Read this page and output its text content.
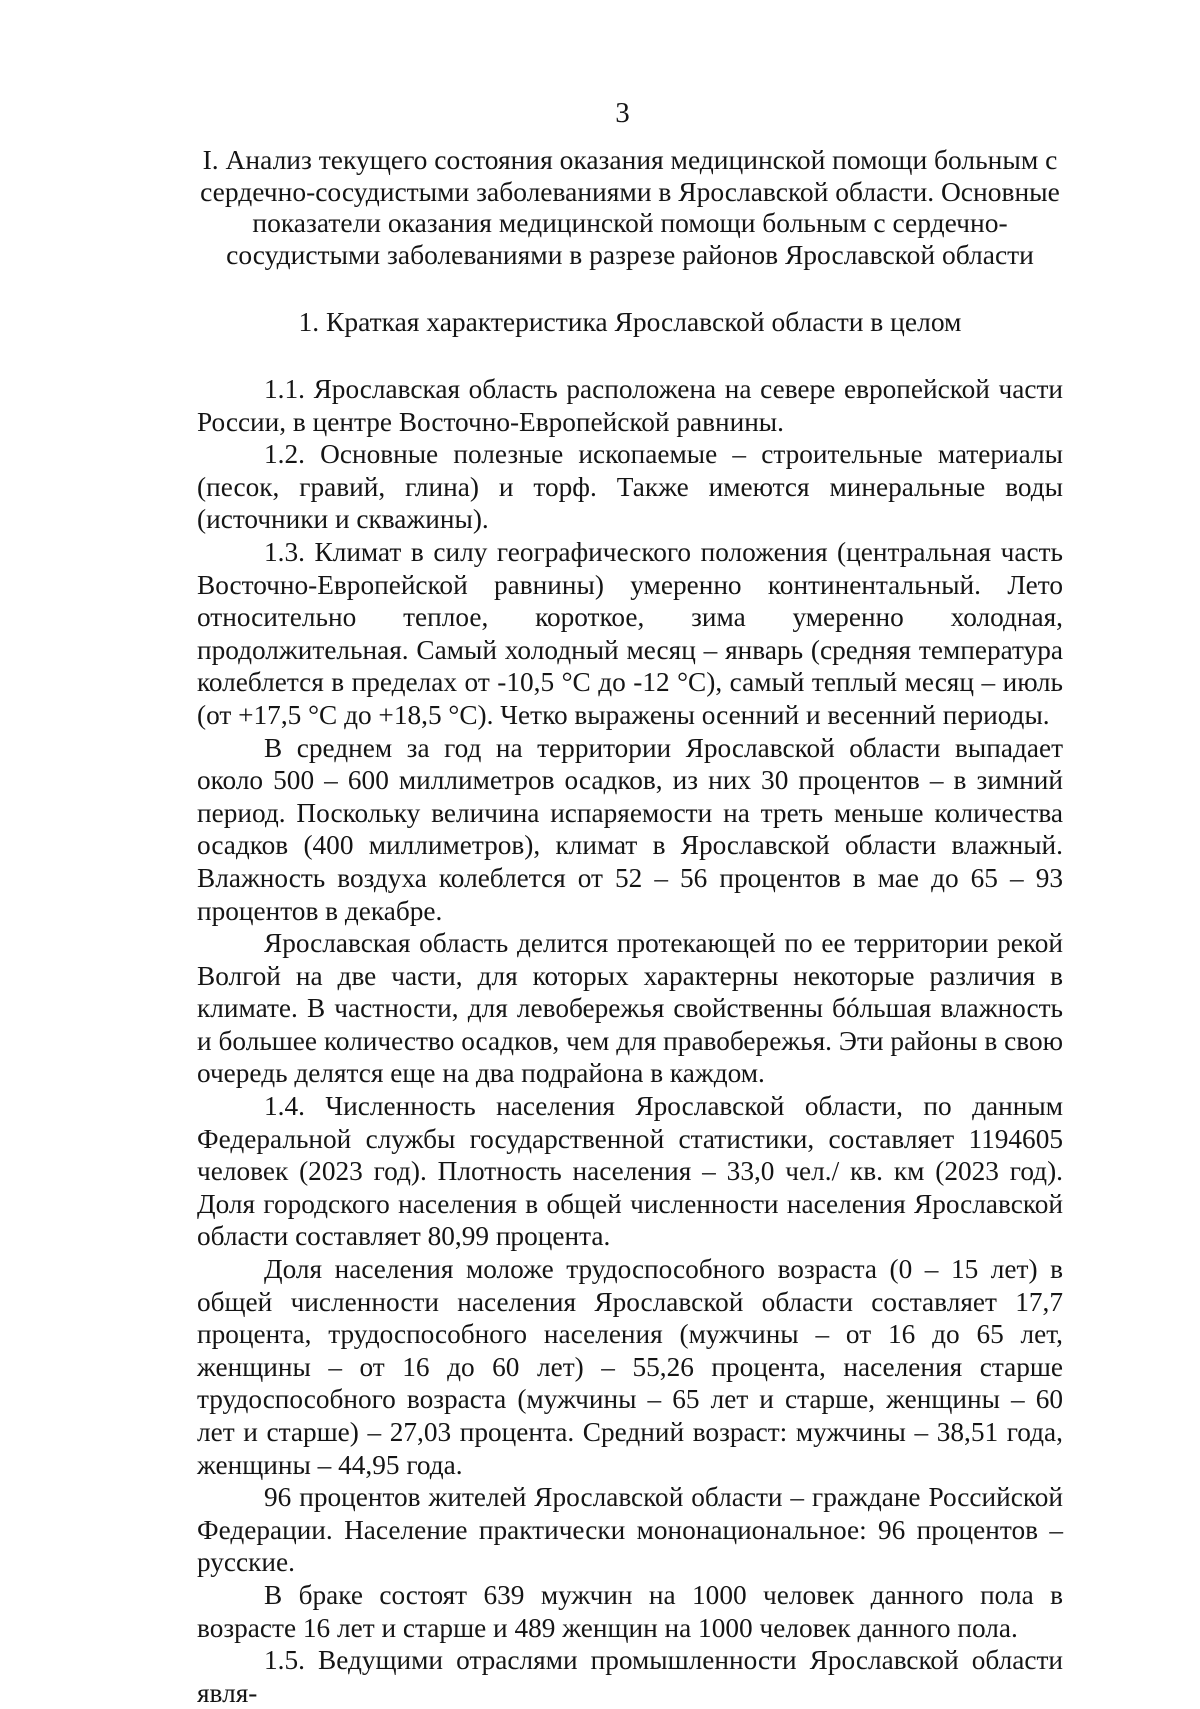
3
I. Анализ текущего состояния оказания медицинской помощи больным с сердечно-сосудистыми заболеваниями в Ярославской области. Основные показатели оказания медицинской помощи больным с сердечно-сосудистыми заболеваниями в разрезе районов Ярославской области
1. Краткая характеристика Ярославской области в целом

1.1. Ярославская область расположена на севере европейской части России, в центре Восточно-Европейской равнины.

1.2. Основные полезные ископаемые – строительные материалы (песок, гравий, глина) и торф. Также имеются минеральные воды (источники и скважины).

1.3. Климат в силу географического положения (центральная часть Восточно-Европейской равнины) умеренно континентальный. Лето относительно теплое, короткое, зима умеренно холодная, продолжительная. Самый холодный месяц – январь (средняя температура колеблется в пределах от -10,5 °С до -12 °С), самый теплый месяц – июль (от +17,5 °С до +18,5 °С). Четко выражены осенний и весенний периоды.

В среднем за год на территории Ярославской области выпадает около 500 – 600 миллиметров осадков, из них 30 процентов – в зимний период. Поскольку величина испаряемости на треть меньше количества осадков (400 миллиметров), климат в Ярославской области влажный. Влажность воздуха колеблется от 52 – 56 процентов в мае до 65 – 93 процентов в декабре.

Ярославская область делится протекающей по ее территории рекой Волгой на две части, для которых характерны некоторые различия в климате. В частности, для левобережья свойственны бóльшая влажность и большее количество осадков, чем для правобережья. Эти районы в свою очередь делятся еще на два подрайона в каждом.

1.4. Численность населения Ярославской области, по данным Федеральной службы государственной статистики, составляет 1194605 человек (2023 год). Плотность населения – 33,0 чел./ кв. км (2023 год). Доля городского населения в общей численности населения Ярославской области составляет 80,99 процента.

Доля населения моложе трудоспособного возраста (0 – 15 лет) в общей численности населения Ярославской области составляет 17,7 процента, трудоспособного населения (мужчины – от 16 до 65 лет, женщины – от 16 до 60 лет) – 55,26 процента, населения старше трудоспособного возраста (мужчины – 65 лет и старше, женщины – 60 лет и старше) – 27,03 процента. Средний возраст: мужчины – 38,51 года, женщины – 44,95 года.

96 процентов жителей Ярославской области – граждане Российской Федерации. Население практически мононациональное: 96 процентов – русские.

В браке состоят 639 мужчин на 1000 человек данного пола в возрасте 16 лет и старше и 489 женщин на 1000 человек данного пола.

1.5. Ведущими отраслями промышленности Ярославской области явля-
